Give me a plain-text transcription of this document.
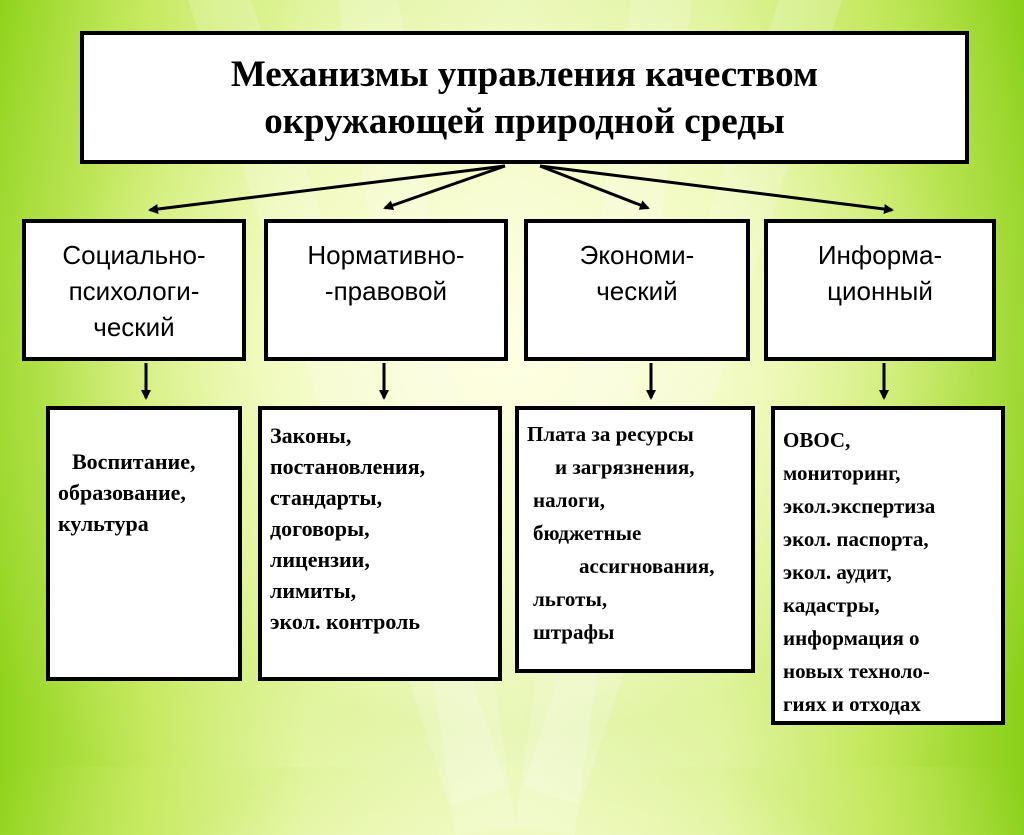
Механизмы управления качеством
окружающей природной среды
Социально-
психологи-
ческий
Нормативно-
-правовой
Экономи-
ческий
Информа-
ционный
Воспитание,
образование,
культура
Законы,
постановления,
стандарты,
договоры,
лицензии,
лимиты,
экол. контроль
Плата за ресурсы
и загрязнения,
налоги,
бюджетные
ассигнования,
льготы,
штрафы
ОВОС,
мониторинг,
экол.экспертиза
экол. паспорта,
экол. аудит,
кадастры,
информация о
новых техноло-
гиях и отходах
